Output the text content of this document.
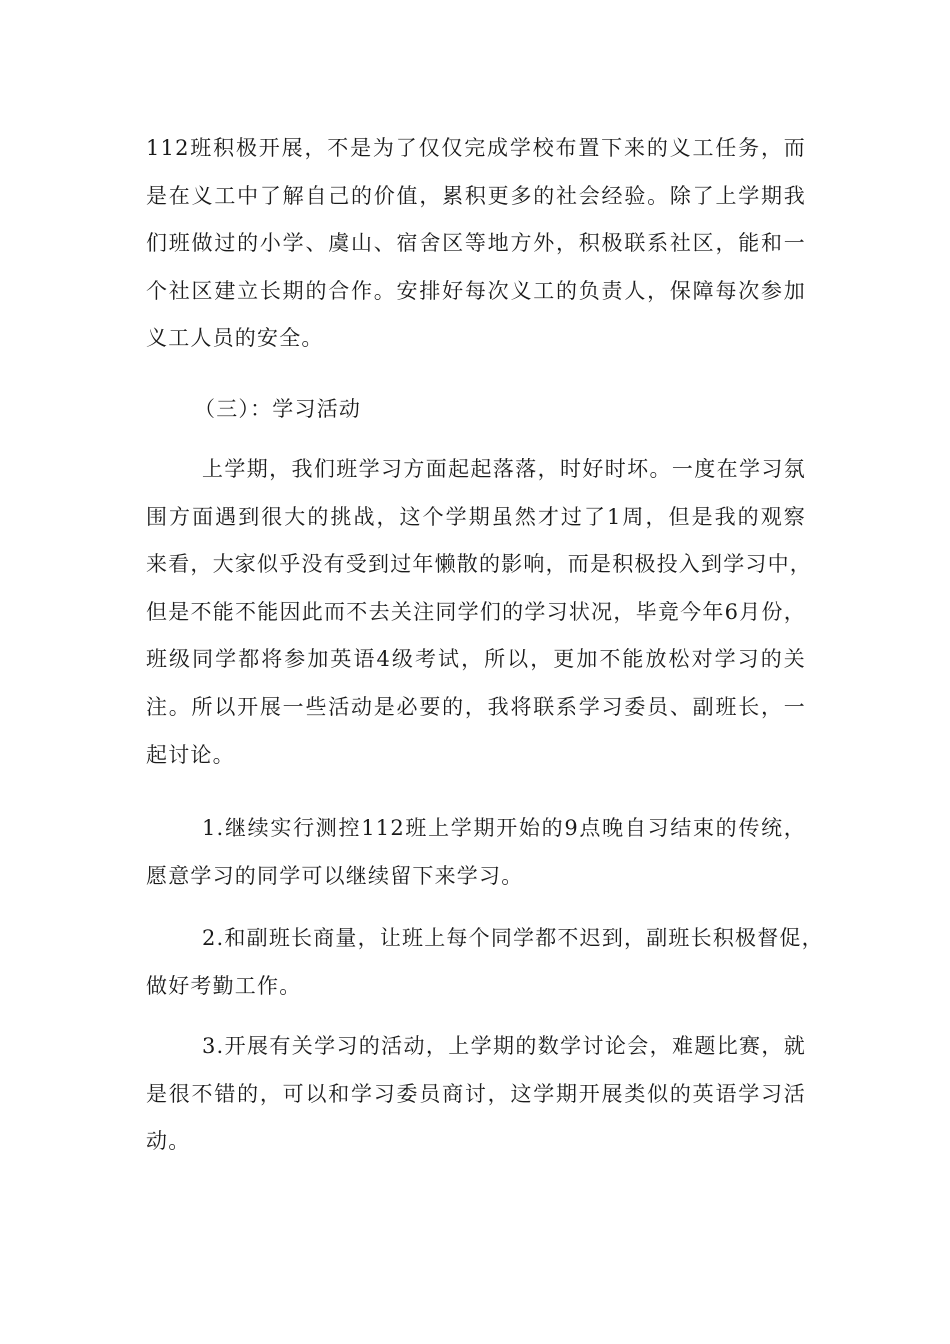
112班积极开展，不是为了仅仅完成学校布置下来的义工任务，而
是在义工中了解自己的价值，累积更多的社会经验。除了上学期我
们班做过的小学、虞山、宿舍区等地方外，积极联系社区，能和一
个社区建立长期的合作。安排好每次义工的负责人，保障每次参加
义工人员的安全。

（三）：学习活动

上学期，我们班学习方面起起落落，时好时坏。一度在学习氛
围方面遇到很大的挑战，这个学期虽然才过了1周，但是我的观察
来看，大家似乎没有受到过年懒散的影响，而是积极投入到学习中，
但是不能不能因此而不去关注同学们的学习状况，毕竟今年6月份，
班级同学都将参加英语4级考试，所以，更加不能放松对学习的关
注。所以开展一些活动是必要的，我将联系学习委员、副班长，一
起讨论。

1.继续实行测控112班上学期开始的9点晚自习结束的传统，
愿意学习的同学可以继续留下来学习。

2.和副班长商量，让班上每个同学都不迟到，副班长积极督促，
做好考勤工作。

3.开展有关学习的活动，上学期的数学讨论会，难题比赛，就
是很不错的，可以和学习委员商讨，这学期开展类似的英语学习活
动。
